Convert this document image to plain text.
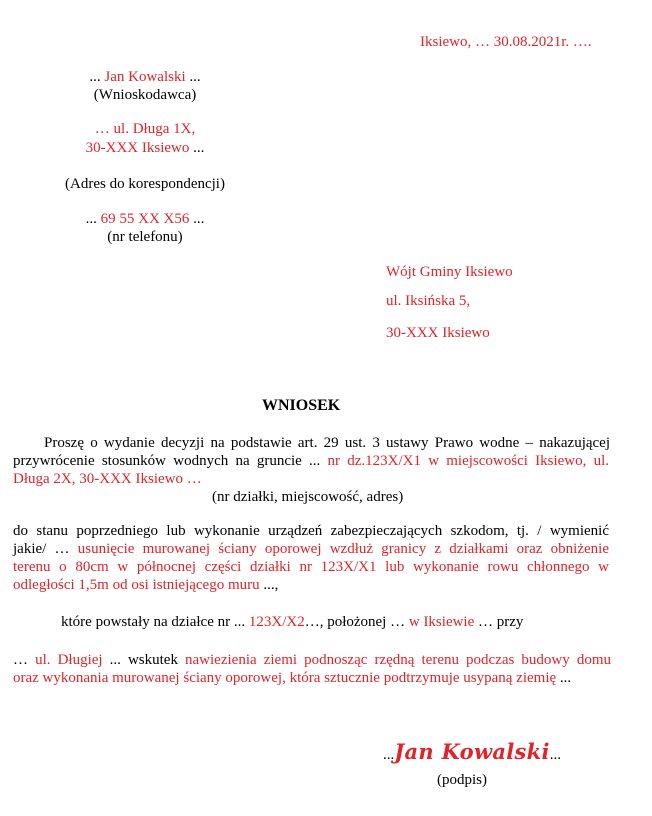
Iksiewo, … 30.08.2021r. ….
... Jan Kowalski ...
(Wnioskodawca)
… ul. Długa 1X,
30-XXX Iksiewo ...
(Adres do korespondencji)
... 69 55 XX X56 ...
(nr telefonu)
Wójt Gminy Iksiewo
ul. Iksińska 5,
30-XXX Iksiewo
WNIOSEK
Proszę o wydanie decyzji na podstawie art. 29 ust. 3 ustawy Prawo wodne – nakazującej
przywrócenie stosunków wodnych na gruncie ... nr dz.123X/X1 w miejscowości Iksiewo, ul.
Długa 2X, 30-XXX Iksiewo …
(nr działki, miejscowość, adres)
do stanu poprzedniego lub wykonanie urządzeń zabezpieczających szkodom, tj. / wymienić
jakie/ … usunięcie murowanej ściany oporowej wzdłuż granicy z działkami oraz obniżenie
terenu o 80cm w północnej części działki nr 123X/X1 lub wykonanie rowu chłonnego w
odległości 1,5m od osi istniejącego muru ...,
które powstały na działce nr ... 123X/X2…, położonej … w Iksiewie … przy
… ul. Długiej ... wskutek nawiezienia ziemi podnosząc rzędną terenu podczas budowy domu
oraz wykonania murowanej ściany oporowej, która sztucznie podtrzymuje usypaną ziemię ...
...Jan Kowalski...
(podpis)
